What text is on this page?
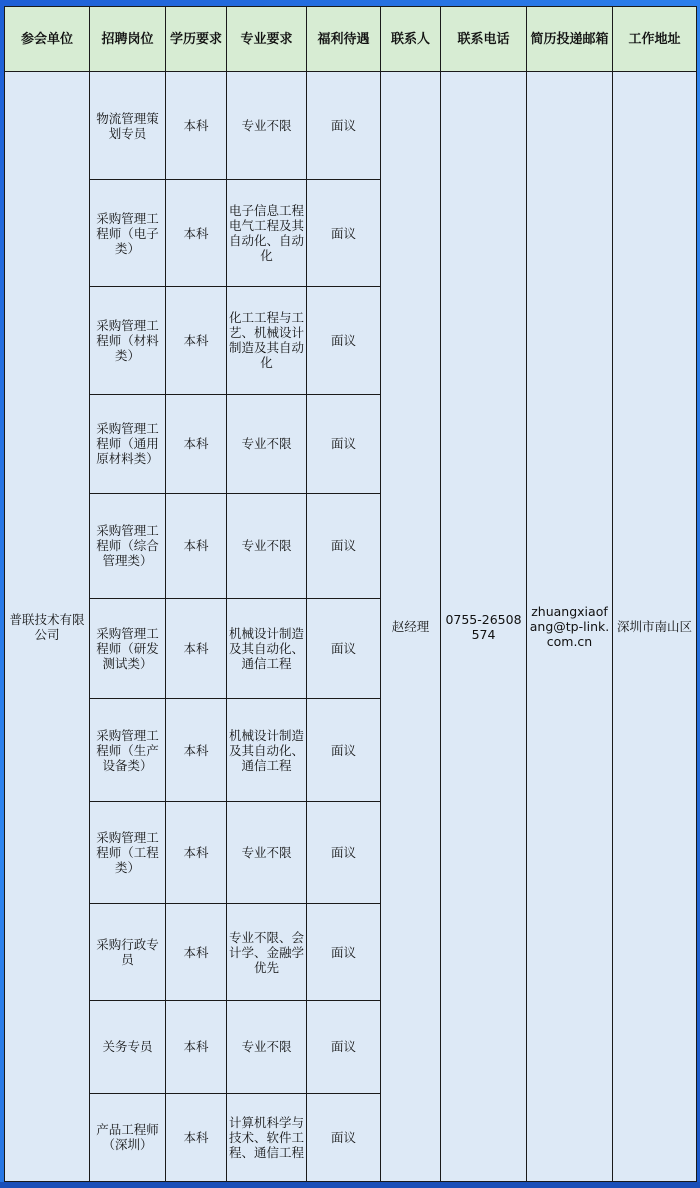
参会单位	招聘岗位	学历要求	专业要求	福利待遇	联系人	联系电话	简历投递邮箱	工作地址
普联技术有限公司	物流管理策划专员	本科	专业不限	面议	赵经理	0755-26508574	zhuangxiaofang@tp-link.com.cn	深圳市南山区
	采购管理工程师（电子类）	本科	电子信息工程电气工程及其自动化、自动化	面议				
	采购管理工程师（材料类）	本科	化工工程与工艺、机械设计制造及其自动化	面议				
	采购管理工程师（通用原材料类）	本科	专业不限	面议				
	采购管理工程师（综合管理类）	本科	专业不限	面议				
	采购管理工程师（研发测试类）	本科	机械设计制造及其自动化、通信工程	面议				
	采购管理工程师（生产设备类）	本科	机械设计制造及其自动化、通信工程	面议				
	采购管理工程师（工程类）	本科	专业不限	面议				
	采购行政专员	本科	专业不限、会计学、金融学优先	面议				
	关务专员	本科	专业不限	面议				
	产品工程师（深圳）	本科	计算机科学与技术、软件工程、通信工程	面议				
